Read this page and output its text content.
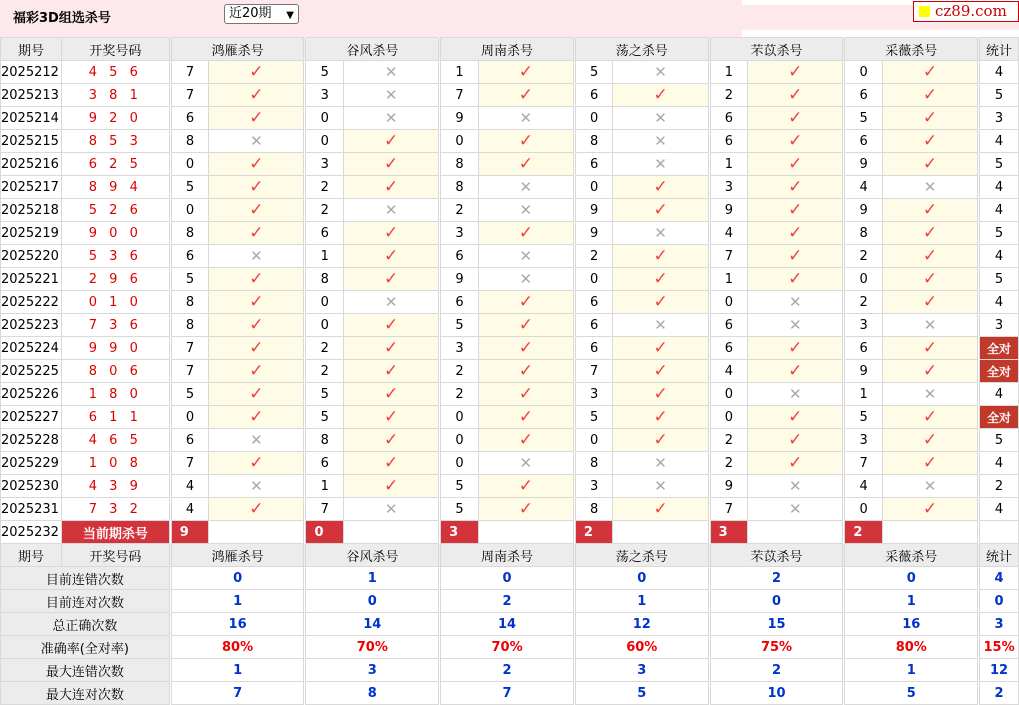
福彩3D组选杀号	近20期 ▼	cz89.com
期号	开奖号码		鸿雁杀号			谷风杀号			周南杀号			荡之杀号			芣苡杀号			采薇杀号			统计
2025212	4 5 6		7	✓		5	✕		1	✓		5	✕		1	✓		0	✓		4
2025213	3 8 1		7	✓		3	✕		7	✓		6	✓		2	✓		6	✓		5
2025214	9 2 0		6	✓		0	✕		9	✕		0	✕		6	✓		5	✓		3
2025215	8 5 3		8	✕		0	✓		0	✓		8	✕		6	✓		6	✓		4
2025216	6 2 5		0	✓		3	✓		8	✓		6	✕		1	✓		9	✓		5
2025217	8 9 4		5	✓		2	✓		8	✕		0	✓		3	✓		4	✕		4
2025218	5 2 6		0	✓		2	✕		2	✕		9	✓		9	✓		9	✓		4
2025219	9 0 0		8	✓		6	✓		3	✓		9	✕		4	✓		8	✓		5
2025220	5 3 6		6	✕		1	✓		6	✕		2	✓		7	✓		2	✓		4
2025221	2 9 6		5	✓		8	✓		9	✕		0	✓		1	✓		0	✓		5
2025222	0 1 0		8	✓		0	✕		6	✓		6	✓		0	✕		2	✓		4
2025223	7 3 6		8	✓		0	✓		5	✓		6	✕		6	✕		3	✕		3
2025224	9 9 0		7	✓		2	✓		3	✓		6	✓		6	✓		6	✓		全对
2025225	8 0 6		7	✓		2	✓		2	✓		7	✓		4	✓		9	✓		全对
2025226	1 8 0		5	✓		5	✓		2	✓		3	✓		0	✕		1	✕		4
2025227	6 1 1		0	✓		5	✓		0	✓		5	✓		0	✓		5	✓		全对
2025228	4 6 5		6	✕		8	✓		0	✓		0	✓		2	✓		3	✓		5
2025229	1 0 8		7	✓		6	✓		0	✕		8	✕		2	✓		7	✓		4
2025230	4 3 9		4	✕		1	✓		5	✓		3	✕		9	✕		4	✕		2
2025231	7 3 2		4	✓		7	✕		5	✓		8	✓		7	✕		0	✓		4
2025232	当前期杀号		9			0			3			2			3			2			
期号	开奖号码		鸿雁杀号			谷风杀号			周南杀号			荡之杀号			芣苡杀号			采薇杀号			统计
目前连错次数			0			1			0			0			2			0			4
目前连对次数			1			0			2			1			0			1			0
总正确次数			16			14			14			12			15			16			3
准确率(全对率)			80%			70%			70%			60%			75%			80%			15%
最大连错次数			1			3			2			3			2			1			12
最大连对次数			7			8			7			5			10			5			2
